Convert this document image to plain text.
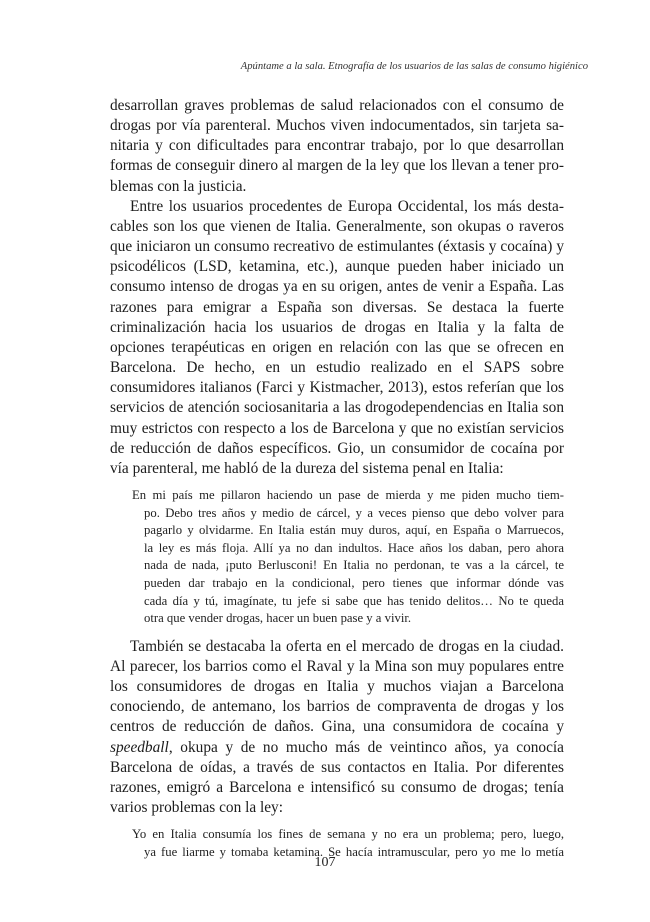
Apúntame a la sala. Etnografía de los usuarios de las salas de consumo higiénico

desarrollan graves problemas de salud relacionados con el consumo de drogas por vía parenteral. Muchos viven indocumentados, sin tarjeta sanitaria y con dificultades para encontrar trabajo, por lo que desarrollan formas de conseguir dinero al margen de la ley que los llevan a tener problemas con la justicia.

Entre los usuarios procedentes de Europa Occidental, los más destacables son los que vienen de Italia. Generalmente, son okupas o raveros que iniciaron un consumo recreativo de estimulantes (éxtasis y cocaína) y psicodélicos (LSD, ketamina, etc.), aunque pueden haber iniciado un consumo intenso de drogas ya en su origen, antes de venir a España. Las razones para emigrar a España son diversas. Se destaca la fuerte criminalización hacia los usuarios de drogas en Italia y la falta de opciones terapéuticas en origen en relación con las que se ofrecen en Barcelona. De hecho, en un estudio realizado en el SAPS sobre consumidores italianos (Farci y Kistmacher, 2013), estos referían que los servicios de atención sociosanitaria a las drogodependencias en Italia son muy estrictos con respecto a los de Barcelona y que no existían servicios de reducción de daños específicos. Gio, un consumidor de cocaína por vía parenteral, me habló de la dureza del sistema penal en Italia:

En mi país me pillaron haciendo un pase de mierda y me piden mucho tiem-
po. Debo tres años y medio de cárcel, y a veces pienso que debo volver para
pagarlo y olvidarme. En Italia están muy duros, aquí, en España o Marruecos,
la ley es más floja. Allí ya no dan indultos. Hace años los daban, pero ahora
nada de nada, ¡puto Berlusconi! En Italia no perdonan, te vas a la cárcel, te
pueden dar trabajo en la condicional, pero tienes que informar dónde vas
cada día y tú, imagínate, tu jefe si sabe que has tenido delitos… No te queda
otra que vender drogas, hacer un buen pase y a vivir.

También se destacaba la oferta en el mercado de drogas en la ciudad. Al parecer, los barrios como el Raval y la Mina son muy populares entre los consumidores de drogas en Italia y muchos viajan a Barcelona conociendo, de antemano, los barrios de compraventa de drogas y los centros de reducción de daños. Gina, una consumidora de cocaína y speedball, okupa y de no mucho más de veintinco años, ya conocía Barcelona de oídas, a través de sus contactos en Italia. Por diferentes razones, emigró a Barcelona e intensificó su consumo de drogas; tenía varios problemas con la ley:

Yo en Italia consumía los fines de semana y no era un problema; pero, luego,
ya fue liarme y tomaba ketamina. Se hacía intramuscular, pero yo me lo metía
107
